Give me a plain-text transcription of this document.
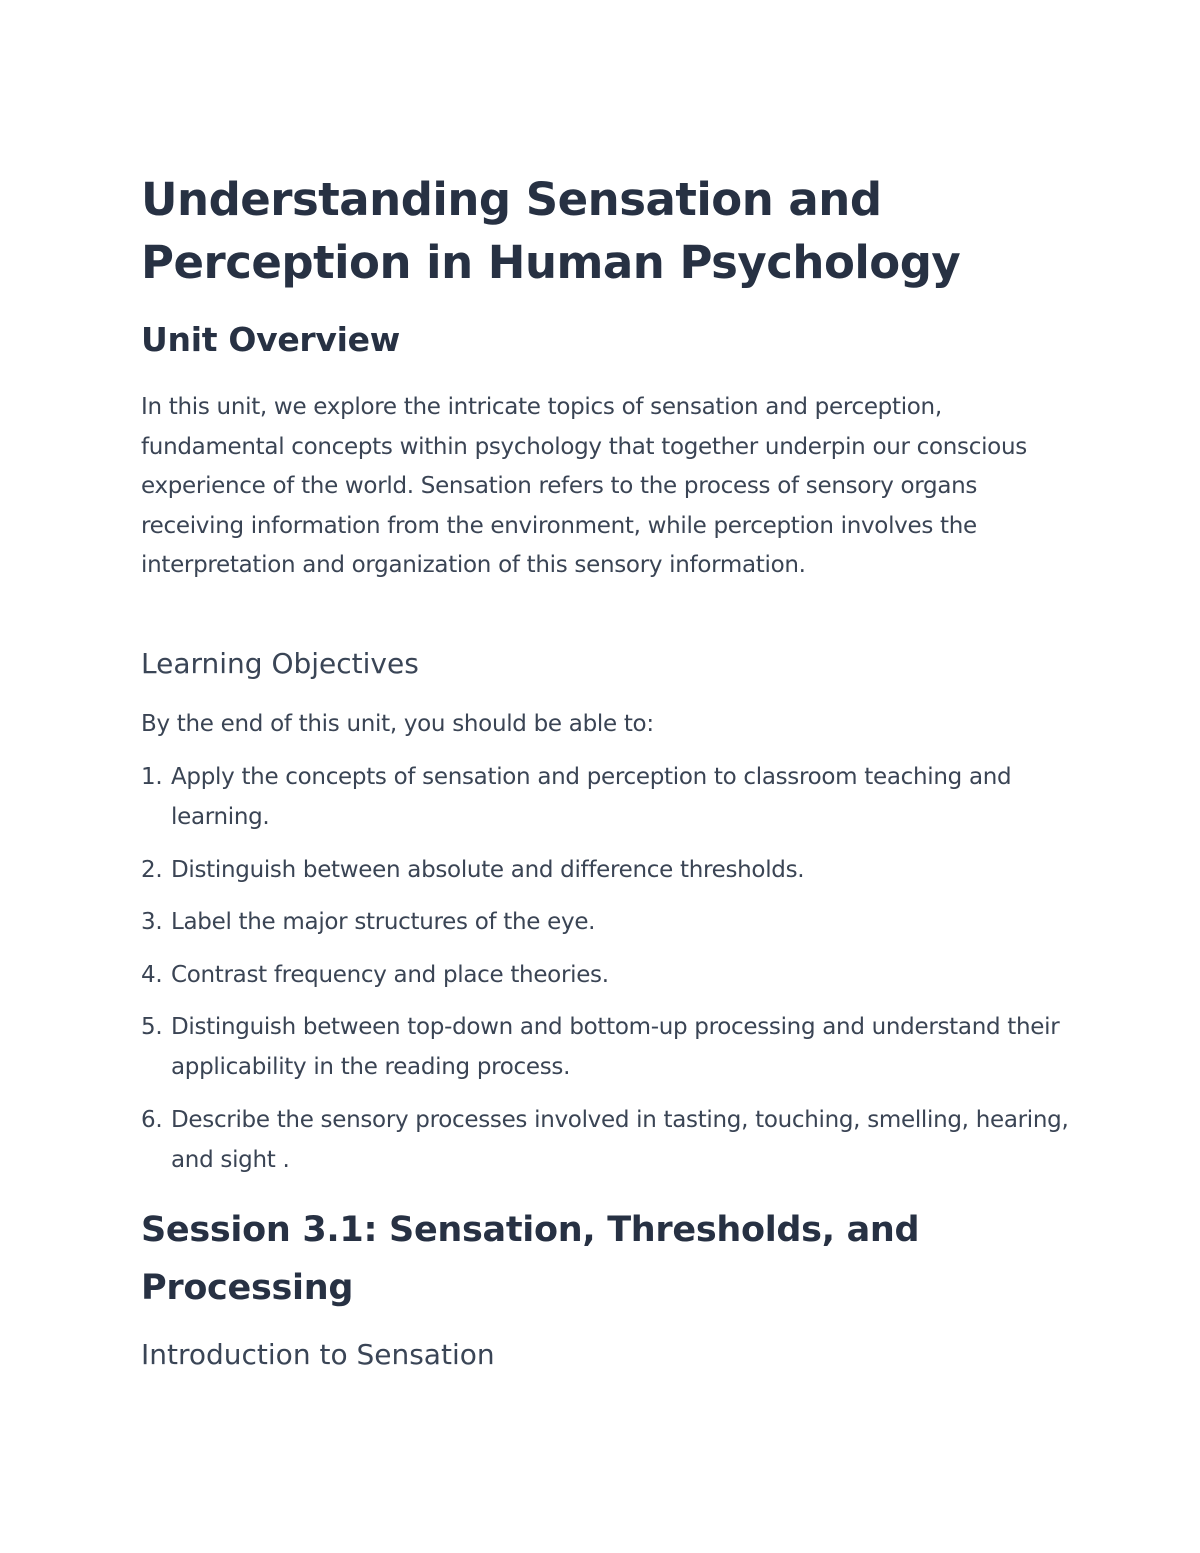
Understanding Sensation and Perception in Human Psychology
Unit Overview

In this unit, we explore the intricate topics of sensation and perception, fundamental concepts within psychology that together underpin our conscious experience of the world. Sensation refers to the process of sensory organs receiving information from the environment, while perception involves the interpretation and organization of this sensory information.

Learning Objectives

By the end of this unit, you should be able to:

1. Apply the concepts of sensation and perception to classroom teaching and learning.
2. Distinguish between absolute and difference thresholds.
3. Label the major structures of the eye.
4. Contrast frequency and place theories.
5. Distinguish between top-down and bottom-up processing and understand their applicability in the reading process.
6. Describe the sensory processes involved in tasting, touching, smelling, hearing, and sight .
Session 3.1: Sensation, Thresholds, and Processing
Introduction to Sensation
